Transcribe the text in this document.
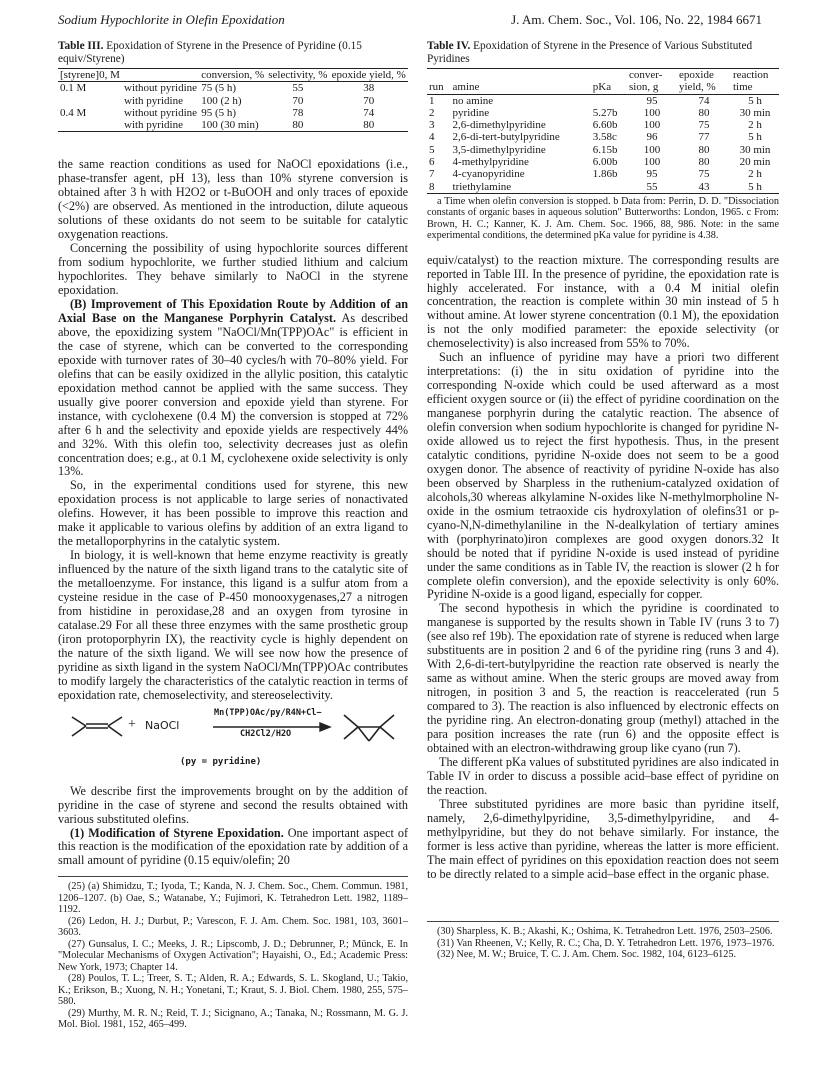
Sodium Hypochlorite in Olefin Epoxidation	J. Am. Chem. Soc., Vol. 106, No. 22, 1984 6671

Table III. Epoxidation of Styrene in the Presence of Pyridine (0.15 equiv/Styrene)

[styrene]0, M		conversion, %	selectivity, %	epoxide yield, %
0.1 M	without pyridine	75 (5 h)	55	38
	with pyridine	100 (2 h)	70	70
0.4 M	without pyridine	95 (5 h)	78	74
	with pyridine	100 (30 min)	80	80

the same reaction conditions as used for NaOCl epoxidations (i.e., phase-transfer agent, pH 13), less than 10% styrene conversion is obtained after 3 h with H2O2 or t-BuOOH and only traces of epoxide (<2%) are observed. As mentioned in the introduction, dilute aqueous solutions of these oxidants do not seem to be suitable for catalytic oxygenation reactions.

Concerning the possibility of using hypochlorite sources different from sodium hypochlorite, we further studied lithium and calcium hypochlorites. They behave similarly to NaOCl in the styrene epoxidation.

(B) Improvement of This Epoxidation Route by Addition of an Axial Base on the Manganese Porphyrin Catalyst. As described above, the epoxidizing system "NaOCl/Mn(TPP)OAc" is efficient in the case of styrene, which can be converted to the corresponding epoxide with turnover rates of 30–40 cycles/h with 70–80% yield. For olefins that can be easily oxidized in the allylic position, this catalytic epoxidation method cannot be applied with the same success. They usually give poorer conversion and epoxide yield than styrene. For instance, with cyclohexene (0.4 M) the conversion is stopped at 72% after 6 h and the selectivity and epoxide yields are respectively 44% and 32%. With this olefin too, selectivity decreases just as olefin concentration does; e.g., at 0.1 M, cyclohexene oxide selectivity is only 13%.

So, in the experimental conditions used for styrene, this new epoxidation process is not applicable to large series of nonactivated olefins. However, it has been possible to improve this reaction and make it applicable to various olefins by addition of an extra ligand to the metalloporphyrins in the catalytic system.

In biology, it is well-known that heme enzyme reactivity is greatly influenced by the nature of the sixth ligand trans to the catalytic site of the metalloenzyme. For instance, this ligand is a sulfur atom from a cysteine residue in the case of P-450 monooxygenases,27 a nitrogen from histidine in peroxidase,28 and an oxygen from tyrosine in catalase.29 For all these three enzymes with the same prosthetic group (iron protoporphyrin IX), the reactivity cycle is highly dependent on the nature of the sixth ligand. We will see now how the presence of pyridine as sixth ligand in the system NaOCl/Mn(TPP)OAc contributes to modify largely the characteristics of the catalytic reaction in terms of epoxidation rate, chemoselectivity, and stereoselectivity.

+ NaOCl
Mn(TPP)OAc/py/R4N+Cl−
CH2Cl2/H2O
(py = pyridine)

We describe first the improvements brought on by the addition of pyridine in the case of styrene and second the results obtained with various substituted olefins.

(1) Modification of Styrene Epoxidation. One important aspect of this reaction is the modification of the epoxidation rate by addition of a small amount of pyridine (0.15 equiv/olefin; 20

(25) (a) Shimidzu, T.; Iyoda, T.; Kanda, N. J. Chem. Soc., Chem. Commun. 1981, 1206–1207. (b) Oae, S.; Watanabe, Y.; Fujimori, K. Tetrahedron Lett. 1982, 1189–1192.

(26) Ledon, H. J.; Durbut, P.; Varescon, F. J. Am. Chem. Soc. 1981, 103, 3601–3603.

(27) Gunsalus, I. C.; Meeks, J. R.; Lipscomb, J. D.; Debrunner, P.; Münck, E. In "Molecular Mechanisms of Oxygen Activation"; Hayaishi, O., Ed.; Academic Press: New York, 1973; Chapter 14.

(28) Poulos, T. L.; Treer, S. T.; Alden, R. A.; Edwards, S. L. Skogland, U.; Takio, K.; Erikson, B.; Xuong, N. H.; Yonetani, T.; Kraut, S. J. Biol. Chem. 1980, 255, 575–580.

(29) Murthy, M. R. N.; Reid, T. J.; Sicignano, A.; Tanaka, N.; Rossmann, M. G. J. Mol. Biol. 1981, 152, 465–499.

Table IV. Epoxidation of Styrene in the Presence of Various Substituted Pyridines

run	amine	pKa	conver-sion, g	epoxide yield, %	reaction time
1	no amine		95	74	5 h
2	pyridine	5.27b	100	80	30 min
3	2,6-dimethylpyridine	6.60b	100	75	2 h
4	2,6-di-tert-butylpyridine	3.58c	96	77	5 h
5	3,5-dimethylpyridine	6.15b	100	80	30 min
6	4-methylpyridine	6.00b	100	80	20 min
7	4-cyanopyridine	1.86b	95	75	2 h
8	triethylamine		55	43	5 h

a Time when olefin conversion is stopped. b Data from: Perrin, D. D. "Dissociation constants of organic bases in aqueous solution" Butterworths: London, 1965. c From: Brown, H. C.; Kanner, K. J. Am. Chem. Soc. 1966, 88, 986. Note: in the same experimental conditions, the determined pKa value for pyridine is 4.38.

equiv/catalyst) to the reaction mixture. The corresponding results are reported in Table III. In the presence of pyridine, the epoxidation rate is highly accelerated. For instance, with a 0.4 M initial olefin concentration, the reaction is complete within 30 min instead of 5 h without amine. At lower styrene concentration (0.1 M), the epoxidation is not the only modified parameter: the epoxide selectivity (or chemoselectivity) is also increased from 55% to 70%.

Such an influence of pyridine may have a priori two different interpretations: (i) the in situ oxidation of pyridine into the corresponding N-oxide which could be used afterward as a most efficient oxygen source or (ii) the effect of pyridine coordination on the manganese porphyrin during the catalytic reaction. The absence of olefin conversion when sodium hypochlorite is changed for pyridine N-oxide allowed us to reject the first hypothesis. Thus, in the present catalytic conditions, pyridine N-oxide does not seem to be a good oxygen donor. The absence of reactivity of pyridine N-oxide has also been observed by Sharpless in the ruthenium-catalyzed oxidation of alcohols,30 whereas alkylamine N-oxides like N-methylmorpholine N-oxide in the osmium tetraoxide cis hydroxylation of olefins31 or p-cyano-N,N-dimethylaniline in the N-dealkylation of tertiary amines with (porphyrinato)iron complexes are good oxygen donors.32 It should be noted that if pyridine N-oxide is used instead of pyridine under the same conditions as in Table IV, the reaction is slower (2 h for complete olefin conversion), and the epoxide selectivity is only 60%. Pyridine N-oxide is a good ligand, especially for copper.

The second hypothesis in which the pyridine is coordinated to manganese is supported by the results shown in Table IV (runs 3 to 7) (see also ref 19b). The epoxidation rate of styrene is reduced when large substituents are in position 2 and 6 of the pyridine ring (runs 3 and 4). With 2,6-di-tert-butylpyridine the reaction rate observed is nearly the same as without amine. When the steric groups are moved away from nitrogen, in position 3 and 5, the reaction is reaccelerated (run 5 compared to 3). The reaction is also influenced by electronic effects on the pyridine ring. An electron-donating group (methyl) attached in the para position increases the rate (run 6) and the opposite effect is obtained with an electron-withdrawing group like cyano (run 7).

The different pKa values of substituted pyridines are also indicated in Table IV in order to discuss a possible acid–base effect of pyridine on the reaction.

Three substituted pyridines are more basic than pyridine itself, namely, 2,6-dimethylpyridine, 3,5-dimethylpyridine, and 4-methylpyridine, but they do not behave similarly. For instance, the former is less active than pyridine, whereas the latter is more efficient. The main effect of pyridines on this epoxidation reaction does not seem to be directly related to a simple acid–base effect in the organic phase.

(30) Sharpless, K. B.; Akashi, K.; Oshima, K. Tetrahedron Lett. 1976, 2503–2506.

(31) Van Rheenen, V.; Kelly, R. C.; Cha, D. Y. Tetrahedron Lett. 1976, 1973–1976.

(32) Nee, M. W.; Bruice, T. C. J. Am. Chem. Soc. 1982, 104, 6123–6125.
